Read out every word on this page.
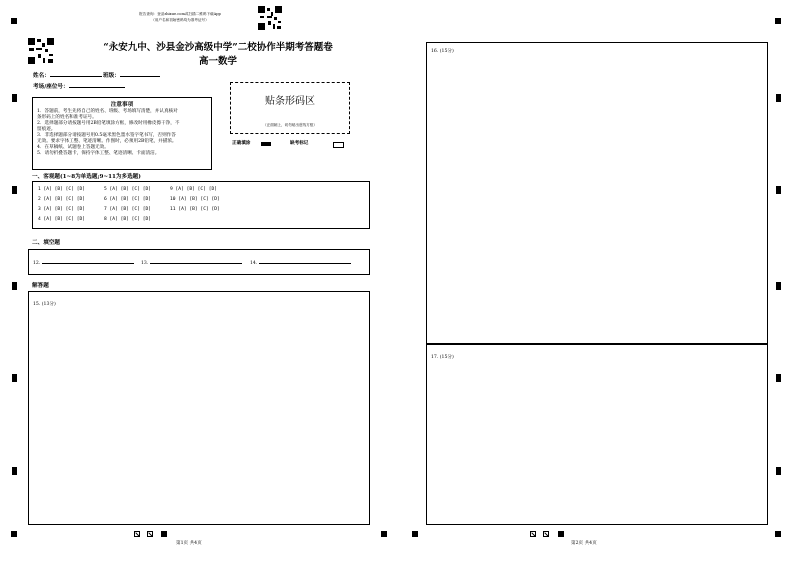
报告查询：登录zhixue.com或扫描二维码下载App
（用户名和初始密码均为准考证号）
“永安九中、沙县金沙高级中学”二校协作半期考答题卷
高一数学
姓名：	班级：
考场/座位号：
注意事项
1．答题前，考生先将自己的姓名、班级、考场填写清楚，并认真核对
条形码上的姓名和准考证号。
2．选择题部分请按题号用2B铅笔填涂方框，修改时用橡皮擦干净，不
留痕迹。
3．非选择题部分请按题号用0.5毫米黑色墨水签字笔书写，否则作答
无效。要求字体工整、笔迹清晰。作图时，必须用2B铅笔，并描浓。
4．在草稿纸、试题卷上答题无效。
5．请勿折叠答题卡，保持字体工整、笔迹清晰、卡面清洁。
贴条形码区
（正面朝上，切勿贴出虚线方框）
正确填涂	缺考标记
一、客观题(1~8为单选题;9~11为多选题)
1 [A] [B] [C] [D]
2 [A] [B] [C] [D]
3 [A] [B] [C] [D]
4 [A] [B] [C] [D]
5 [A] [B] [C] [D]
6 [A] [B] [C] [D]
7 [A] [B] [C] [D]
8 [A] [B] [C] [D]
9 [A] [B] [C] [D]
10 [A] [B] [C] [D]
11 [A] [B] [C] [D]
二、填空题
12.	13.	14.
解答题
15. (13分)
第1页 共4页
16. (15分)
17. (15分)
第2页 共4页
